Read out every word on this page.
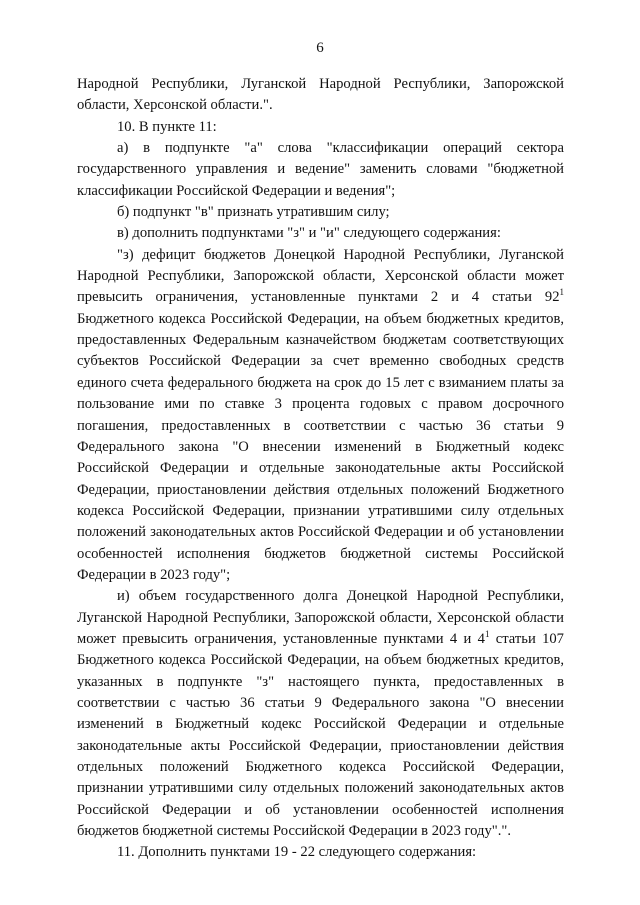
6

Народной Республики, Луганской Народной Республики, Запорожской области, Херсонской области.".

10. В пункте 11:

а) в подпункте "а" слова "классификации операций сектора государственного управления и ведение" заменить словами "бюджетной классификации Российской Федерации и ведения";

б) подпункт "в" признать утратившим силу;

в) дополнить подпунктами "з" и "и" следующего содержания:

"з) дефицит бюджетов Донецкой Народной Республики, Луганской Народной Республики, Запорожской области, Херсонской области может превысить ограничения, установленные пунктами 2 и 4 статьи $92^1$ Бюджетного кодекса Российской Федерации, на объем бюджетных кредитов, предоставленных Федеральным казначейством бюджетам соответствующих субъектов Российской Федерации за счет временно свободных средств единого счета федерального бюджета на срок до 15 лет с взиманием платы за пользование ими по ставке 3 процента годовых с правом досрочного погашения, предоставленных в соответствии с частью 36 статьи 9 Федерального закона "О внесении изменений в Бюджетный кодекс Российской Федерации и отдельные законодательные акты Российской Федерации, приостановлении действия отдельных положений Бюджетного кодекса Российской Федерации, признании утратившими силу отдельных положений законодательных актов Российской Федерации и об установлении особенностей исполнения бюджетов бюджетной системы Российской Федерации в 2023 году";

и) объем государственного долга Донецкой Народной Республики, Луганской Народной Республики, Запорожской области, Херсонской области может превысить ограничения, установленные пунктами 4 и $4^1$ статьи 107 Бюджетного кодекса Российской Федерации, на объем бюджетных кредитов, указанных в подпункте "з" настоящего пункта, предоставленных в соответствии с частью 36 статьи 9 Федерального закона "О внесении изменений в Бюджетный кодекс Российской Федерации и отдельные законодательные акты Российской Федерации, приостановлении действия отдельных положений Бюджетного кодекса Российской Федерации, признании утратившими силу отдельных положений законодательных актов Российской Федерации и об установлении особенностей исполнения бюджетов бюджетной системы Российской Федерации в 2023 году".".

11. Дополнить пунктами 19 - 22 следующего содержания:
